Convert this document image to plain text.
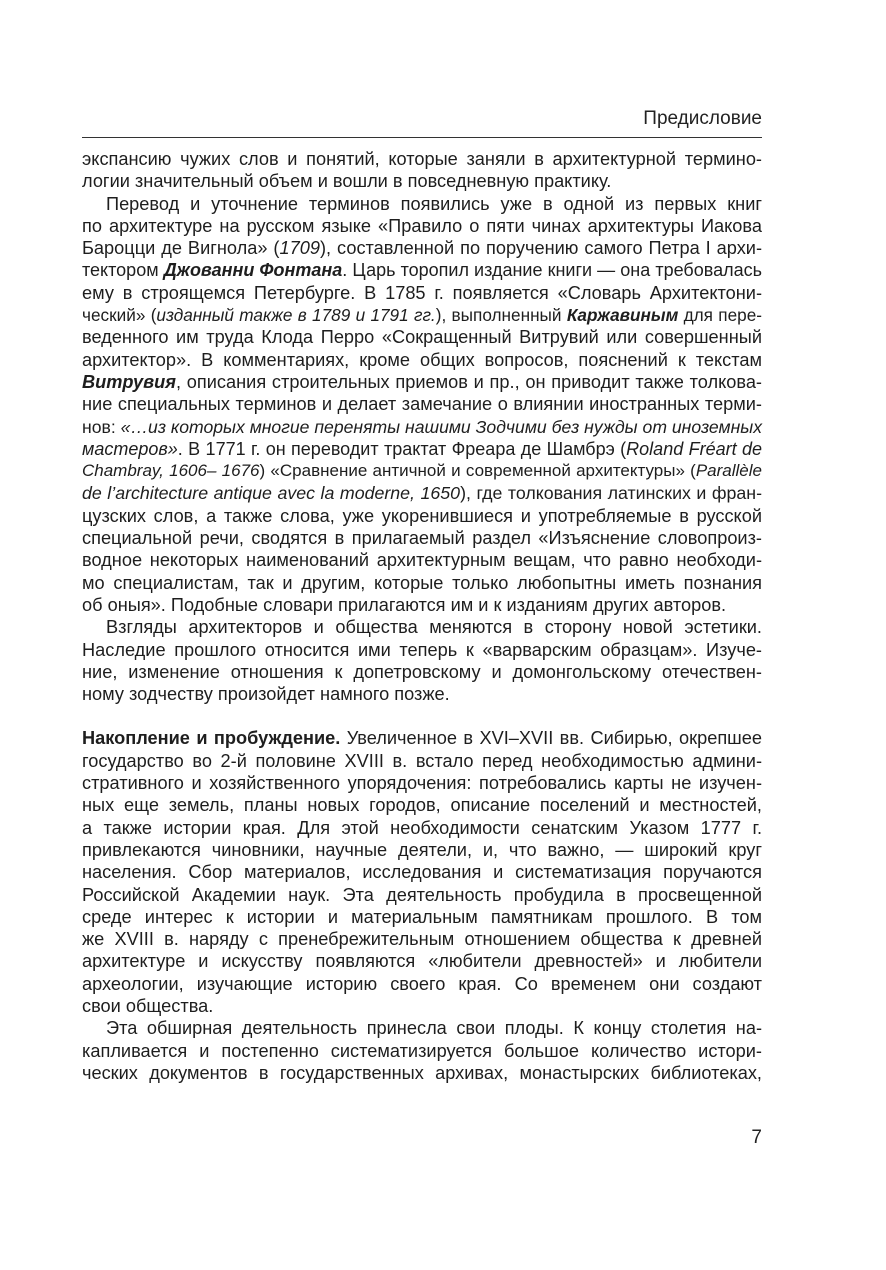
Предисловие
экспансию чужих слов и понятий, которые заняли в архитектурной термино-
логии значительный объем и вошли в повседневную практику.
Перевод и уточнение терминов появились уже в одной из первых книг
по архитектуре на русском языке «Правило о пяти чинах архитектуры Иакова
Бароцци де Вигнола» (1709), составленной по поручению самого Петра I архи-
тектором Джованни Фонтана. Царь торопил издание книги — она требовалась
ему в строящемся Петербурге. В 1785 г. появляется «Словарь Архитектони-
ческий» (изданный также в 1789 и 1791 гг.), выполненный Каржавиным для пере-
веденного им труда Клода Перро «Сокращенный Витрувий или совершенный
архитектор». В комментариях, кроме общих вопросов, пояснений к текстам
Витрувия, описания строительных приемов и пр., он приводит также толкова-
ние специальных терминов и делает замечание о влиянии иностранных терми-
нов: «…из которых многие переняты нашими Зодчими без нужды от иноземных
мастеров». В 1771 г. он переводит трактат Фреара де Шамбрэ (Roland Fréart de
Chambray, 1606– 1676) «Сравнение античной и современной архитектуры» (Parallèle
de l’architecture antique avec la moderne, 1650), где толкования латинских и фран-
цузских слов, а также слова, уже укоренившиеся и употребляемые в русской
специальной речи, сводятся в прилагаемый раздел «Изъяснение словопроиз-
водное некоторых наименований архитектурным вещам, что равно необходи-
мо специалистам, так и другим, которые только любопытны иметь познания
об оныя». Подобные словари прилагаются им и к изданиям других авторов.
Взгляды архитекторов и общества меняются в сторону новой эстетики.
Наследие прошлого относится ими теперь к «варварским образцам». Изуче-
ние, изменение отношения к допетровскому и домонгольскому отечествен-
ному зодчеству произойдет намного позже.
Накопление и пробуждение. Увеличенное в XVI–XVII вв. Сибирью, окрепшее
государство во 2-й половине XVIII в. встало перед необходимостью админи-
стративного и хозяйственного упорядочения: потребовались карты не изучен-
ных еще земель, планы новых городов, описание поселений и местностей,
а также истории края. Для этой необходимости сенатским Указом 1777 г.
привлекаются чиновники, научные деятели, и, что важно, — широкий круг
населения. Сбор материалов, исследования и систематизация поручаются
Российской Академии наук. Эта деятельность пробудила в просвещенной
среде интерес к истории и материальным памятникам прошлого. В том
же XVIII в. наряду с пренебрежительным отношением общества к древней
архитектуре и искусству появляются «любители древностей» и любители
археологии, изучающие историю своего края. Со временем они создают
свои общества.
Эта обширная деятельность принесла свои плоды. К концу столетия на-
капливается и постепенно систематизируется большое количество истори-
ческих документов в государственных архивах, монастырских библиотеках,
7
